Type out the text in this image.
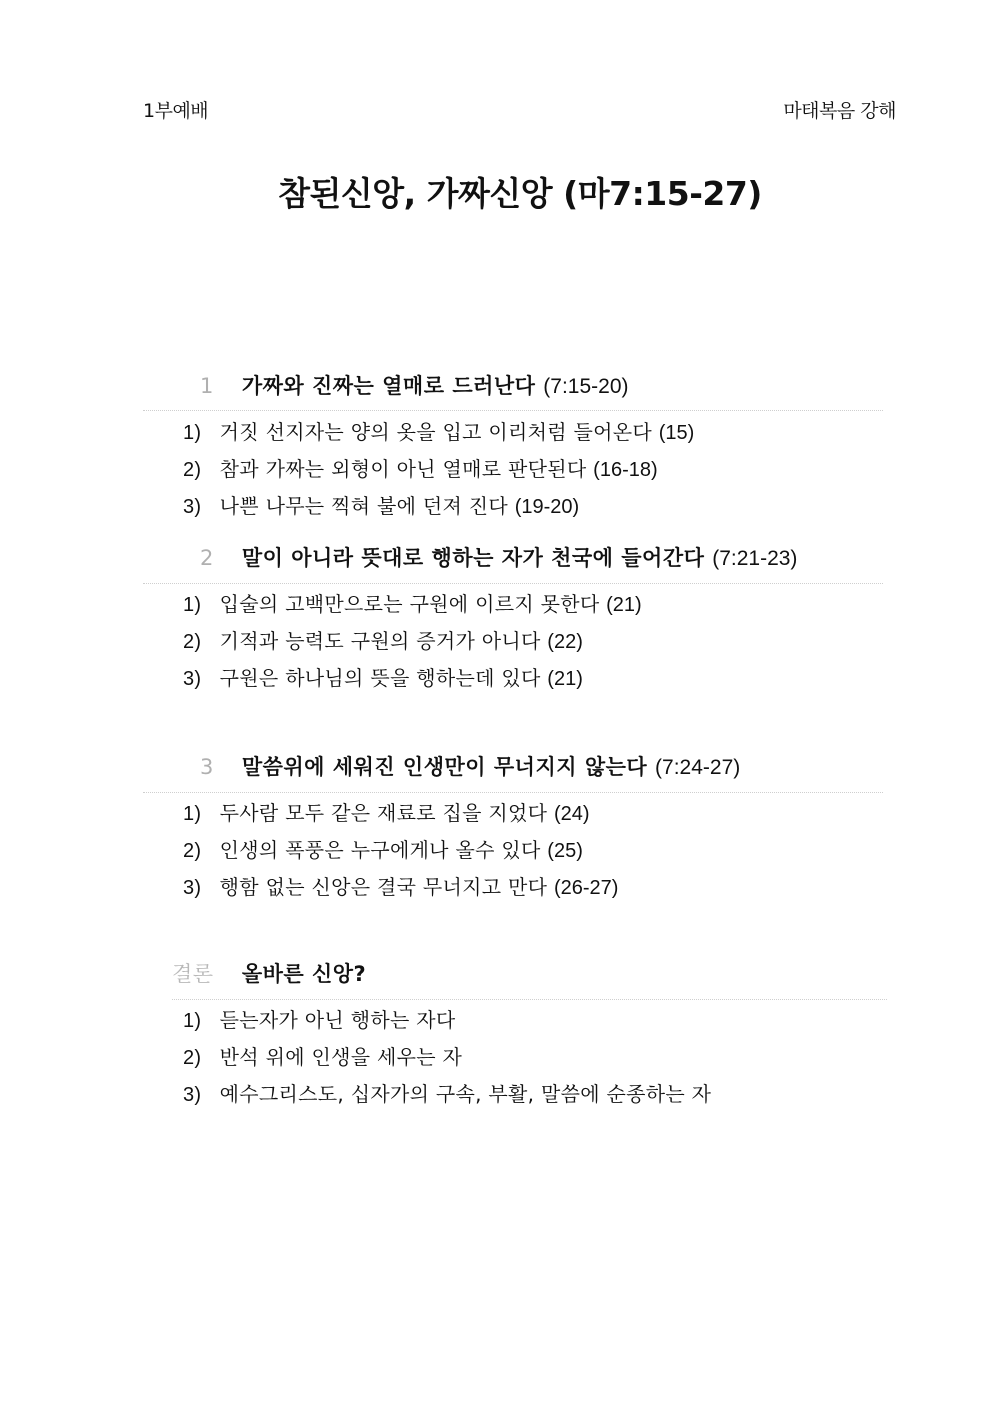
1부예배	마태복음 강해
참된신앙, 가짜신앙 (마7:15-27)
1 가짜와 진짜는 열매로 드러난다 (7:15-20)
1) 거짓 선지자는 양의 옷을 입고 이리처럼 들어온다 (15)
2) 참과 가짜는 외형이 아닌 열매로 판단된다 (16-18)
3) 나쁜 나무는 찍혀 불에 던져 진다 (19-20)
2 말이 아니라 뜻대로 행하는 자가 천국에 들어간다 (7:21-23)
1) 입술의 고백만으로는 구원에 이르지 못한다 (21)
2) 기적과 능력도 구원의 증거가 아니다 (22)
3) 구원은 하나님의 뜻을 행하는데 있다 (21)
3 말씀위에 세워진 인생만이 무너지지 않는다 (7:24-27)
1) 두사람 모두 같은 재료로 집을 지었다 (24)
2) 인생의 폭풍은 누구에게나 올수 있다 (25)
3) 행함 없는 신앙은 결국 무너지고 만다 (26-27)
결론 올바른 신앙?
1) 듣는자가 아닌 행하는 자다
2) 반석 위에 인생을 세우는 자
3) 예수그리스도, 십자가의 구속, 부활, 말씀에 순종하는 자
